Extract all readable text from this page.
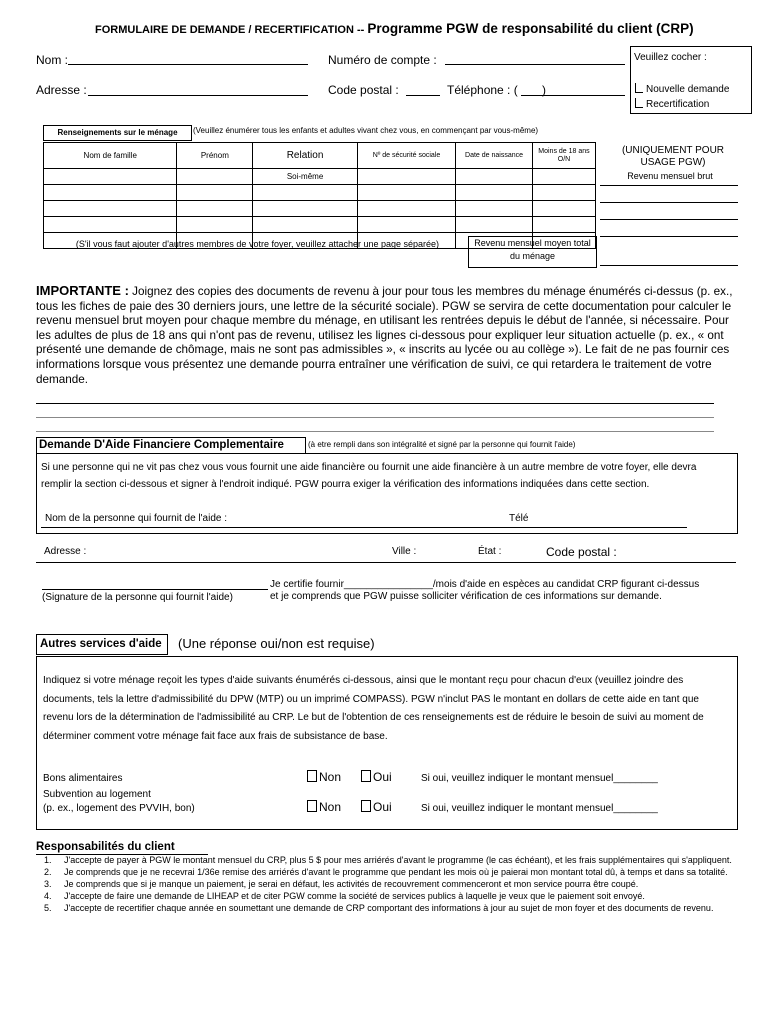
FORMULAIRE DE DEMANDE / RECERTIFICATION -- Programme PGW de responsabilité du client (CRP)
Nom :	Numéro de compte :
Adresse :	Code postal :	Téléphone : ( )
Veuillez cocher :
Nouvelle demande
Recertification
Renseignements sur le ménage	(Veuillez énumérer tous les enfants et adultes vivant chez vous, en commençant par vous-même)
Nom de famille	Prénom	Relation	Nº de sécurité sociale	Date de naissance	Moins de 18 ans O/N
		Soi-même			

(S'il vous faut ajouter d'autres membres de votre foyer, veuillez attacher une page séparée)	Revenu mensuel moyen total du ménage
(UNIQUEMENT POUR USAGE PGW)
Revenu mensuel brut
IMPORTANTE : Joignez des copies des documents de revenu à jour pour tous les membres du ménage énumérés ci-dessus (p. ex., tous les fiches de paie des 30 derniers jours, une lettre de la sécurité sociale). PGW se servira de cette documentation pour calculer le revenu mensuel brut moyen pour chaque membre du ménage, en utilisant les rentrées depuis le début de l'année, si nécessaire. Pour les adultes de plus de 18 ans qui n'ont pas de revenu, utilisez les lignes ci-dessous pour expliquer leur situation actuelle (p. ex., « ont présenté une demande de chômage, mais ne sont pas admissibles », « inscrits au lycée ou au collège »). Le fait de ne pas fournir ces informations lorsque vous présentez une demande pourra entraîner une vérification de suivi, ce qui retardera le traitement de votre demande.
Demande D'Aide Financiere Complementaire	(à etre rempli dans son intégralité et signé par la personne qui fournit l'aide)
Si une personne qui ne vit pas chez vous vous fournit une aide financière ou fournit une aide financière à un autre membre de votre foyer, elle devra remplir la section ci-dessous et signer à l'endroit indiqué. PGW pourra exiger la vérification des informations indiquées dans cette section.
Nom de la personne qui fournit de l'aide :	Télé
Adresse :	Ville :	État :	Code postal :
(Signature de la personne qui fournit l'aide)
Je certifie fournir________________/mois d'aide en espèces au candidat CRP figurant ci-dessus et je comprends que PGW puisse solliciter vérification de ces informations sur demande.
Autres services d'aide	(Une réponse oui/non est requise)
Indiquez si votre ménage reçoit les types d'aide suivants énumérés ci-dessous, ainsi que le montant reçu pour chacun d'eux (veuillez joindre des documents, tels la lettre d'admissibilité du DPW (MTP) ou un imprimé COMPASS). PGW n'inclut PAS le montant en dollars de cette aide en tant que revenu lors de la détermination de l'admissibilité au CRP. Le but de l'obtention de ces renseignements est de réduire le besoin de suivi au moment de déterminer comment votre ménage fait face aux frais de subsistance de base.
Bons alimentaires	Non	Oui	Si oui, veuillez indiquer le montant mensuel________
Subvention au logement
(p. ex., logement des PVVIH, bon)	Non	Oui	Si oui, veuillez indiquer le montant mensuel________
Responsabilités du client
1. J'accepte de payer à PGW le montant mensuel du CRP, plus 5 $ pour mes arriérés d'avant le programme (le cas échéant), et les frais supplémentaires qui s'appliquent.
2. Je comprends que je ne recevrai 1/36e remise des arriérés d'avant le programme que pendant les mois où je paierai mon montant total dû, à temps et dans sa totalité.
3. Je comprends que si je manque un paiement, je serai en défaut, les activités de recouvrement commenceront et mon service pourra être coupé.
4. J'accepte de faire une demande de LIHEAP et de citer PGW comme la société de services publics à laquelle je veux que le paiement soit envoyé.
5. J'accepte de recertifier chaque année en soumettant une demande de CRP comportant des informations à jour au sujet de mon foyer et des documents de revenu.
